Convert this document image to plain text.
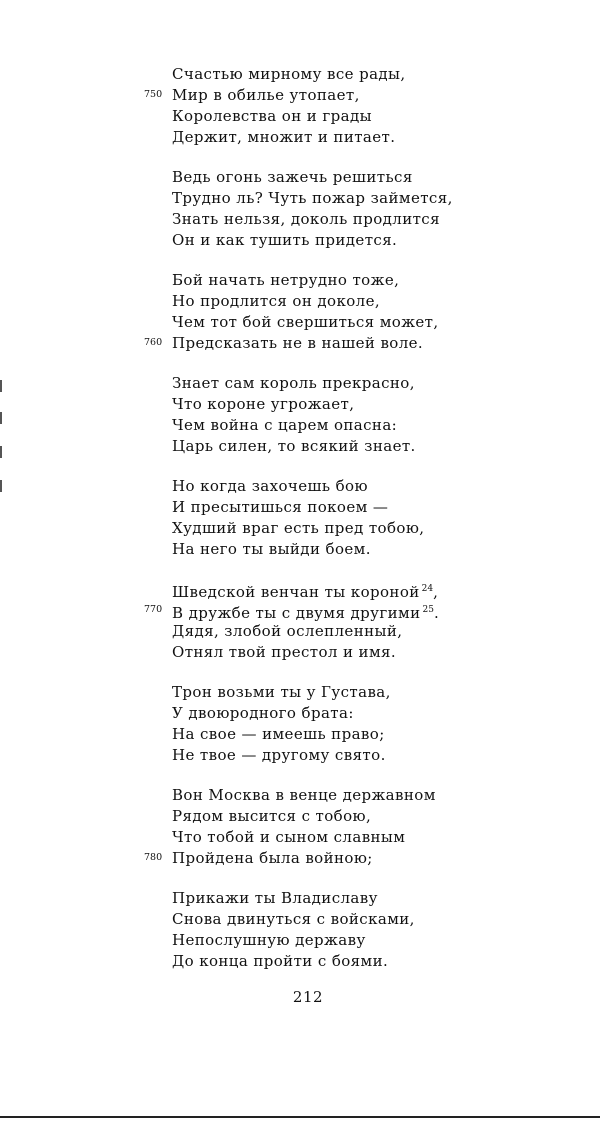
Счастью мирному все рады,
750 Мир в обилье утопает,
Королевства он и грады
Держит, множит и питает.
Ведь огонь зажечь решиться
Трудно ль? Чуть пожар займется,
Знать нельзя, доколь продлится
Он и как тушить придется.
Бой начать нетрудно тоже,
Но продлится он доколе,
Чем тот бой свершиться может,
760 Предсказать не в нашей воле.
Знает сам король прекрасно,
Что короне угрожает,
Чем война с царем опасна:
Царь силен, то всякий знает.
Но когда захочешь бою
И пресытишься покоем —
Худший враг есть пред тобою,
На него ты выйди боем.
Шведской венчан ты короной $^{24}$,
770 В дружбе ты с двумя другими $^{25}$.
Дядя, злобой ослепленный,
Отнял твой престол и имя.
Трон возьми ты у Густава,
У двоюродного брата:
На свое — имеешь право;
Не твое — другому свято.
Вон Москва в венце державном
Рядом высится с тобою,
Что тобой и сыном славным
780 Пройдена была войною;
Прикажи ты Владиславу
Снова двинуться с войсками,
Непослушную державу
До конца пройти с боями.
212
